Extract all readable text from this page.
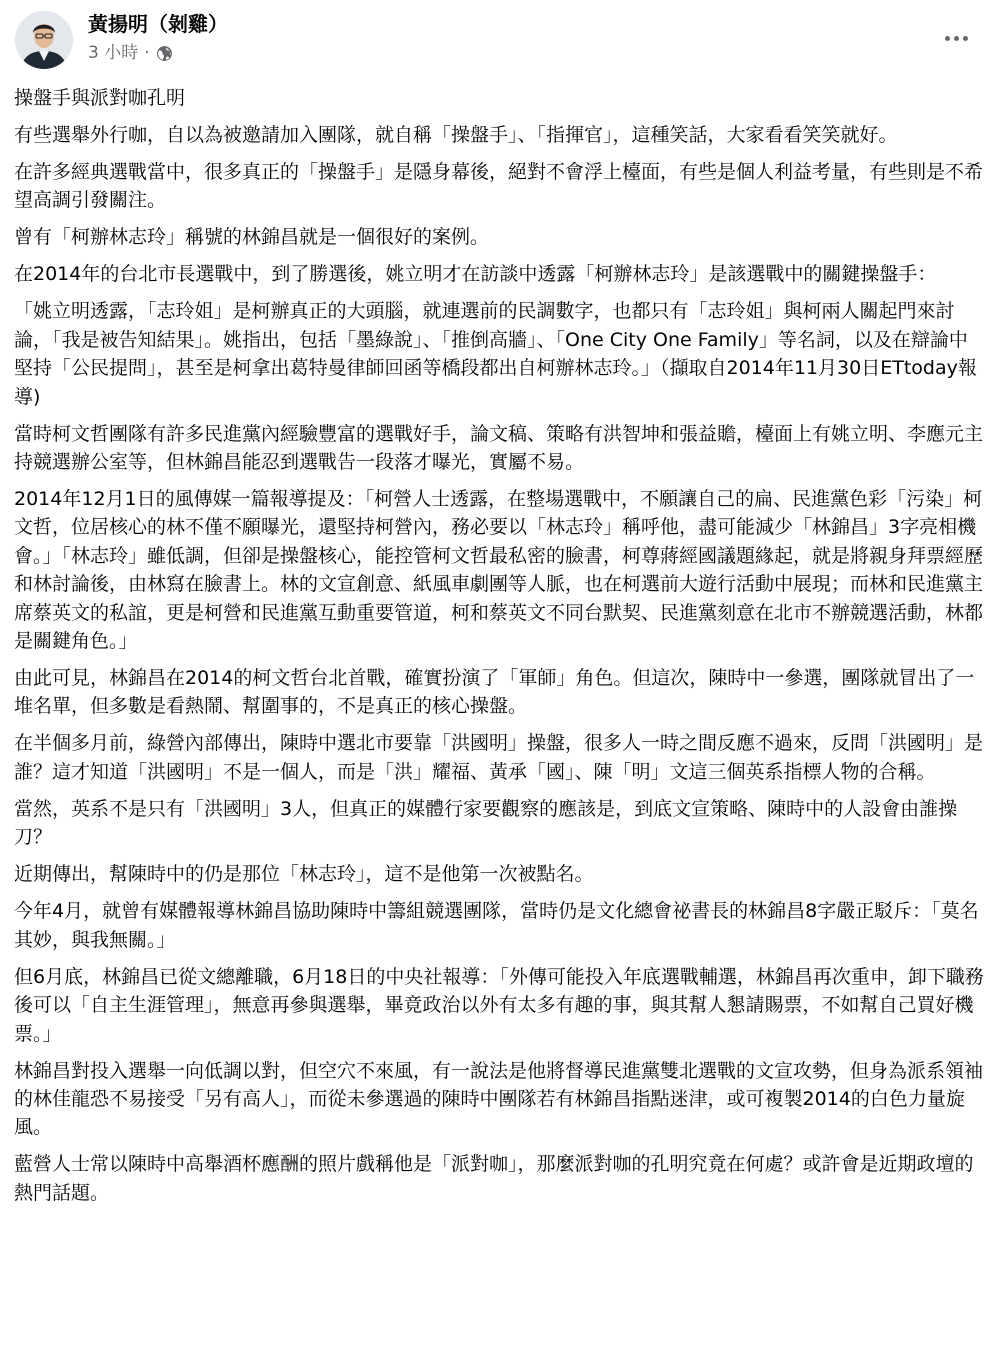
黃揚明（剝雞）
3 小時 ·

操盤手與派對咖孔明

有些選舉外行咖，自以為被邀請加入團隊，就自稱「操盤手」、「指揮官」，這種笑話，大家看看笑笑就好。

在許多經典選戰當中，很多真正的「操盤手」是隱身幕後，絕對不會浮上檯面，有些是個人利益考量，有些則是不希望高調引發關注。

曾有「柯辦林志玲」稱號的林錦昌就是一個很好的案例。

在2014年的台北市長選戰中，到了勝選後，姚立明才在訪談中透露「柯辦林志玲」是該選戰中的關鍵操盤手：

「姚立明透露，「志玲姐」是柯辦真正的大頭腦，就連選前的民調數字，也都只有「志玲姐」與柯兩人關起門來討論，「我是被告知結果」。姚指出，包括「墨綠說」、「推倒高牆」、「One City One Family」等名詞，以及在辯論中堅持「公民提問」，甚至是柯拿出葛特曼律師回函等橋段都出自柯辦林志玲。」（擷取自2014年11月30日ETtoday報導)

當時柯文哲團隊有許多民進黨內經驗豐富的選戰好手，論文稿、策略有洪智坤和張益贍，檯面上有姚立明、李應元主持競選辦公室等，但林錦昌能忍到選戰告一段落才曝光，實屬不易。

2014年12月1日的風傳媒一篇報導提及：「柯營人士透露，在整場選戰中，不願讓自己的扁、民進黨色彩「污染」柯文哲，位居核心的林不僅不願曝光，還堅持柯營內，務必要以「林志玲」稱呼他，盡可能減少「林錦昌」3字亮相機會。」「林志玲」雖低調，但卻是操盤核心，能控管柯文哲最私密的臉書，柯尊蔣經國議題緣起，就是將親身拜票經歷和林討論後，由林寫在臉書上。林的文宣創意、紙風車劇團等人脈，也在柯選前大遊行活動中展現；而林和民進黨主席蔡英文的私誼，更是柯營和民進黨互動重要管道，柯和蔡英文不同台默契、民進黨刻意在北市不辦競選活動，林都是關鍵角色。」

由此可見，林錦昌在2014的柯文哲台北首戰，確實扮演了「軍師」角色。但這次，陳時中一參選，團隊就冒出了一堆名單，但多數是看熱鬧、幫圍事的，不是真正的核心操盤。

在半個多月前，綠營內部傳出，陳時中選北市要靠「洪國明」操盤，很多人一時之間反應不過來，反問「洪國明」是誰？這才知道「洪國明」不是一個人，而是「洪」耀福、黃承「國」、陳「明」文這三個英系指標人物的合稱。

當然，英系不是只有「洪國明」3人，但真正的媒體行家要觀察的應該是，到底文宣策略、陳時中的人設會由誰操刀？

近期傳出，幫陳時中的仍是那位「林志玲」，這不是他第一次被點名。

今年4月，就曾有媒體報導林錦昌協助陳時中籌組競選團隊，當時仍是文化總會祕書長的林錦昌8字嚴正駁斥：「莫名其妙，與我無關。」

但6月底，林錦昌已從文總離職，6月18日的中央社報導：「外傳可能投入年底選戰輔選，林錦昌再次重申，卸下職務後可以「自主生涯管理」，無意再參與選舉，畢竟政治以外有太多有趣的事，與其幫人懇請賜票，不如幫自己買好機票。」

林錦昌對投入選舉一向低調以對，但空穴不來風，有一說法是他將督導民進黨雙北選戰的文宣攻勢，但身為派系領袖的林佳龍恐不易接受「另有高人」，而從未參選過的陳時中團隊若有林錦昌指點迷津，或可複製2014的白色力量旋風。

藍營人士常以陳時中高舉酒杯應酬的照片戲稱他是「派對咖」，那麼派對咖的孔明究竟在何處？或許會是近期政壇的熱門話題。
